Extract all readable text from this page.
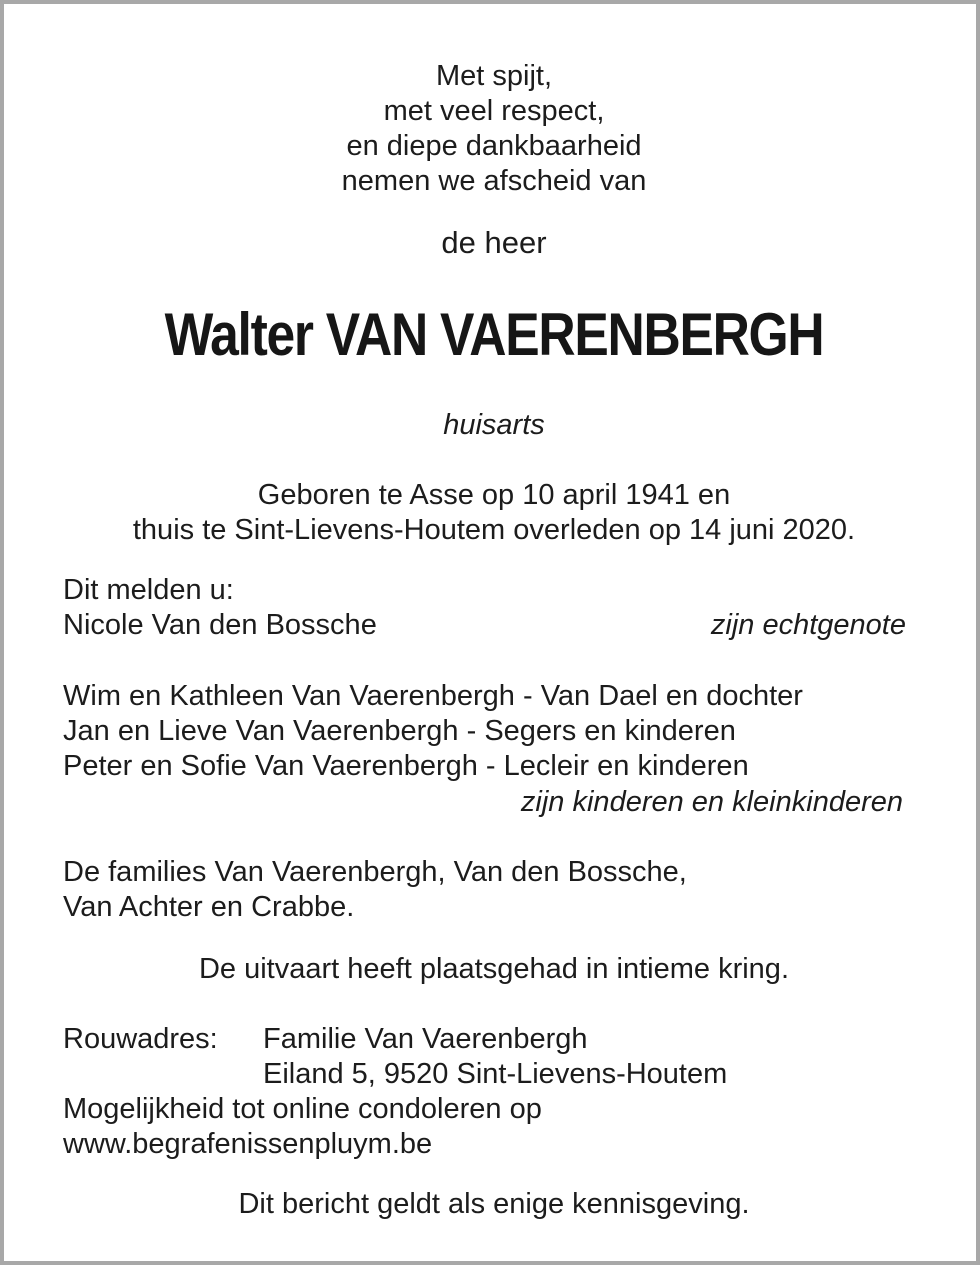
Met spijt,

met veel respect,

en diepe dankbaarheid

nemen we afscheid van

de heer

Walter VAN VAERENBERGH

huisarts

Geboren te Asse op 10 april 1941 en

thuis te Sint-Lievens-Houtem overleden op 14 juni 2020.

Dit melden u:

Nicole Van den Bossche	zijn echtgenote

Wim en Kathleen Van Vaerenbergh - Van Dael en dochter

Jan en Lieve Van Vaerenbergh - Segers en kinderen

Peter en Sofie Van Vaerenbergh - Lecleir en kinderen

zijn kinderen en kleinkinderen

De families Van Vaerenbergh, Van den Bossche,

Van Achter en Crabbe.

De uitvaart heeft plaatsgehad in intieme kring.

Rouwadres: Familie Van Vaerenbergh

Eiland 5, 9520 Sint-Lievens-Houtem

Mogelijkheid tot online condoleren op

www.begrafenissenpluym.be

Dit bericht geldt als enige kennisgeving.
